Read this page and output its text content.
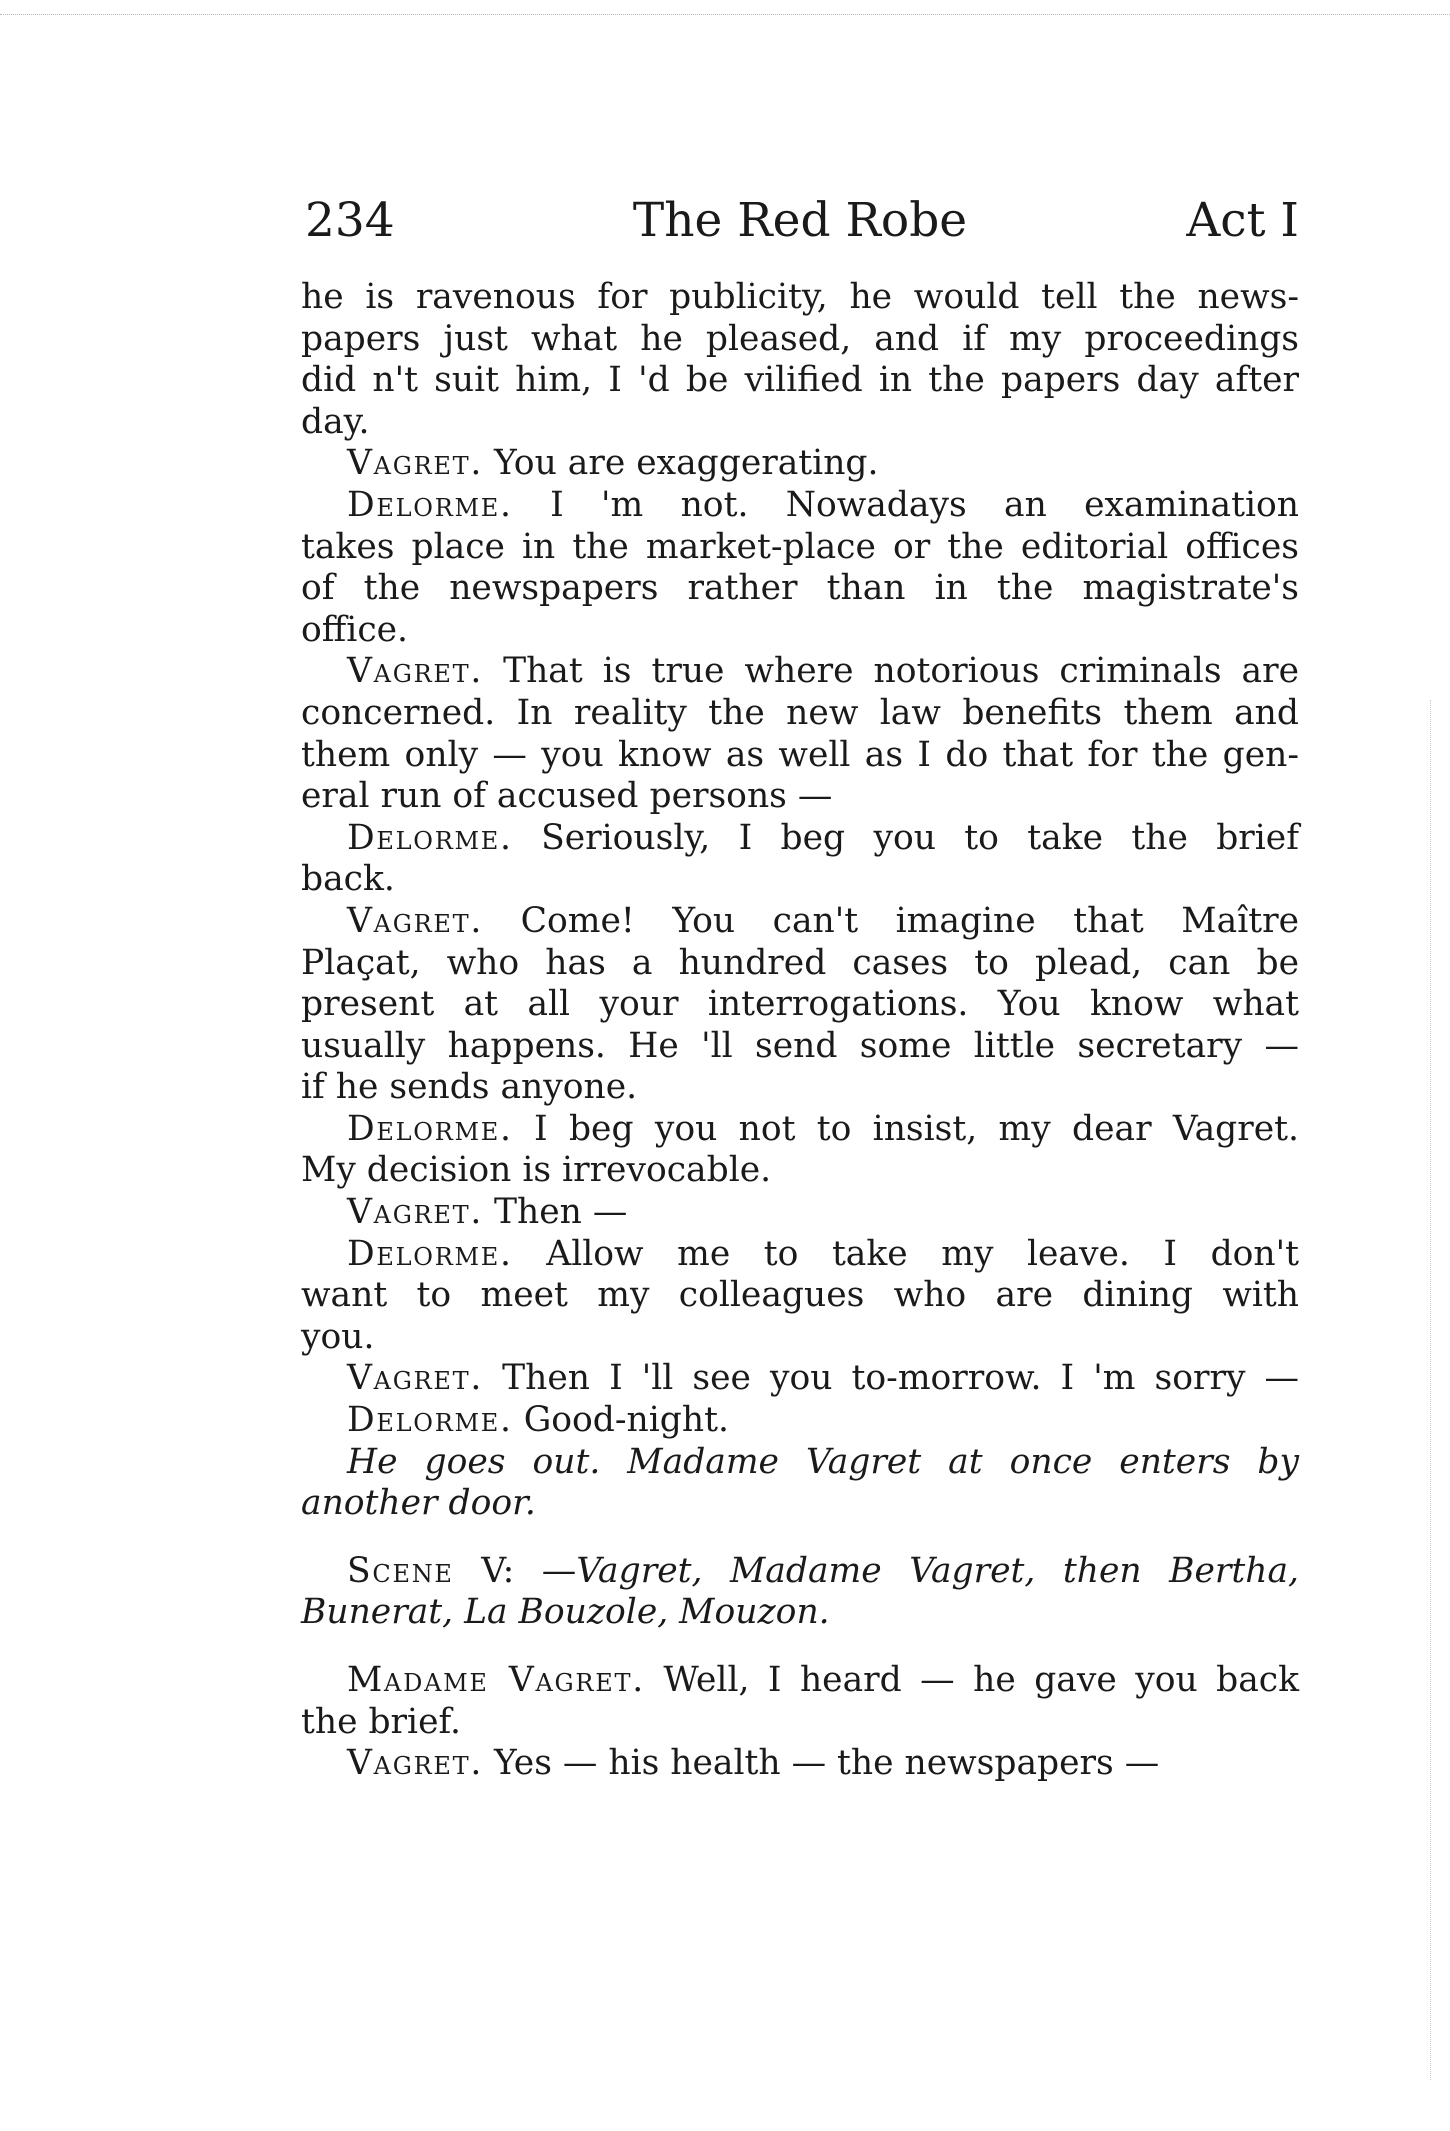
234	The Red Robe	Act I
he is ravenous for publicity, he would tell the news-
papers just what he pleased, and if my proceedings
did n't suit him, I 'd be vilified in the papers day after
day.
Vagret. You are exaggerating.
Delorme. I 'm not. Nowadays an examination
takes place in the market-place or the editorial offices
of the newspapers rather than in the magistrate's
office.
Vagret. That is true where notorious criminals are
concerned. In reality the new law benefits them and
them only — you know as well as I do that for the gen-
eral run of accused persons —
Delorme. Seriously, I beg you to take the brief
back.
Vagret. Come! You can't imagine that Maître
Plaçat, who has a hundred cases to plead, can be
present at all your interrogations. You know what
usually happens. He 'll send some little secretary —
if he sends anyone.
Delorme. I beg you not to insist, my dear Vagret.
My decision is irrevocable.
Vagret. Then —
Delorme. Allow me to take my leave. I don't
want to meet my colleagues who are dining with
you.
Vagret. Then I 'll see you to-morrow. I 'm sorry —
Delorme. Good-night.
He goes out. Madame Vagret at once enters by
another door.
Scene V: —Vagret, Madame Vagret, then Bertha,
Bunerat, La Bouzole, Mouzon.
Madame Vagret. Well, I heard — he gave you back
the brief.
Vagret. Yes — his health — the newspapers —
